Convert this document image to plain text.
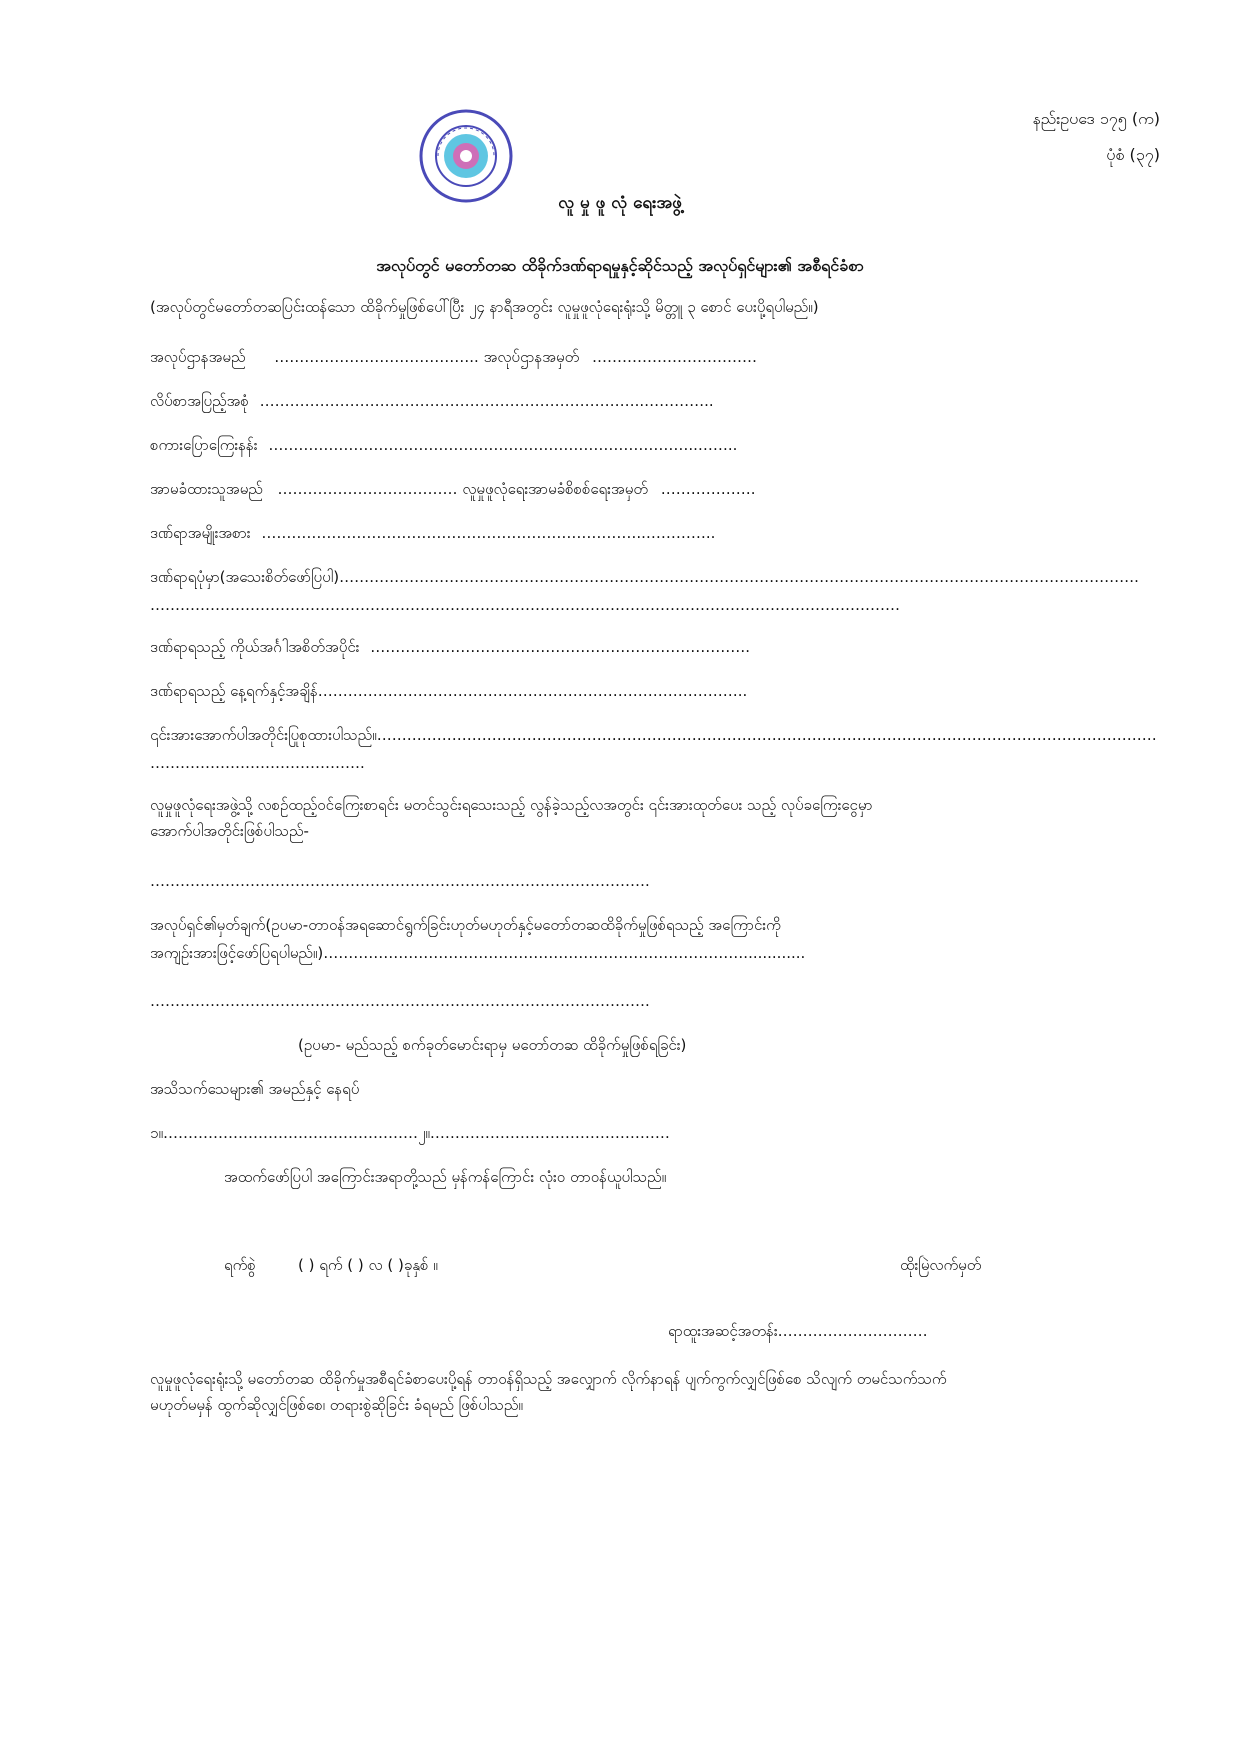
နည်းဥပဒေ ၁၇၅ (က)
ပုံစံ (၃၇)
လူ မှု ဖူ လုံ ရေးအဖွဲ့
အလုပ်တွင် မတော်တဆ ထိခိုက်ဒဏ်ရာရမှုနှင့်ဆိုင်သည့် အလုပ်ရှင်များ၏ အစီရင်ခံစာ
(အလုပ်တွင်မတော်တဆပြင်းထန်သော ထိခိုက်မှုဖြစ်ပေါ်ပြီး ၂၄ နာရီအတွင်း လူမှုဖူလုံရေးရုံးသို့ မိတ္တူ ၃ စောင် ပေးပို့ရပါမည်။)
အလုပ်ဌာနအမည် ………………………………….. အလုပ်ဌာနအမှတ် ……………………………
လိပ်စာအပြည့်အစုံ …………………………………………………………………..…………..
စကားပြောကြေးနန်း …………………………………………………………………………..……..
အာမခံထားသူအမည် ……………………………… လူမှုဖူလုံရေးအာမခံစိစစ်ရေးအမှတ် ……………….
ဒဏ်ရာအမျိုးအစား …………………………………………………………………..…………..
ဒဏ်ရာရပုံမှာ(အသေးစိတ်ဖော်ပြပါ)…………………………………………………………………………………………………………………………………………….
……………………………………………………………………………………………………………………………………
ဒဏ်ရာရသည့် ကိုယ်အင်္ဂါအစိတ်အပိုင်း ………………………………………………………………….
ဒဏ်ရာရသည့် နေ့ရက်နှင့်အချိန်…………………………………………………………………………..
၎င်းအားအောက်ပါအတိုင်းပြုစုထားပါသည်။…………………………………………………………………………………………………………………………………………
…………………………………….
လူမှုဖူလုံရေးအဖွဲ့သို့ လစဉ်ထည့်ဝင်ကြေးစာရင်း မတင်သွင်းရသေးသည့် လွန်ခဲ့သည့်လအတွင်း ၎င်းအားထုတ်ပေး သည့် လုပ်ခကြေးငွေမှာ
အောက်ပါအတိုင်းဖြစ်ပါသည်-
……………………………………………………………………………………….
အလုပ်ရှင်၏မှတ်ချက်(ဥပမာ-တာဝန်အရဆောင်ရွက်ခြင်းဟုတ်မဟုတ်နှင့်မတော်တဆထိခိုက်မှုဖြစ်ရသည့် အကြောင်းကို
အကျဉ်းအားဖြင့်ဖော်ပြရပါမည်။)………………………………………………………………………….............
……………………………………………………………………………………….
(ဥပမာ- မည်သည့် စက်ခုတ်မောင်းရာမှ မတော်တဆ ထိခိုက်မှုဖြစ်ရခြင်း)
အသိသက်သေများ၏ အမည်နှင့် နေရပ်
၁။……………………………………………၂။…………………………………………
အထက်ဖော်ပြပါ အကြောင်းအရာတို့သည် မှန်ကန်ကြောင်း လုံးဝ တာဝန်ယူပါသည်။
ရက်စွဲ	( ) ရက် ( ) လ ( )ခုနှစ် ။	ထိုးမြဲလက်မှတ်
ရာထူးအဆင့်အတန်း…………………………
လူမှုဖူလုံရေးရုံးသို့ မတော်တဆ ထိခိုက်မှုအစီရင်ခံစာပေးပို့ရန် တာဝန်ရှိသည့် အလျှောက် လိုက်နာရန် ပျက်ကွက်လျှင်ဖြစ်စေ သိလျက် တမင်သက်သက်
မဟုတ်မမှန် ထွက်ဆိုလျှင်ဖြစ်စေ၊ တရားစွဲဆိုခြင်း ခံရမည် ဖြစ်ပါသည်။
